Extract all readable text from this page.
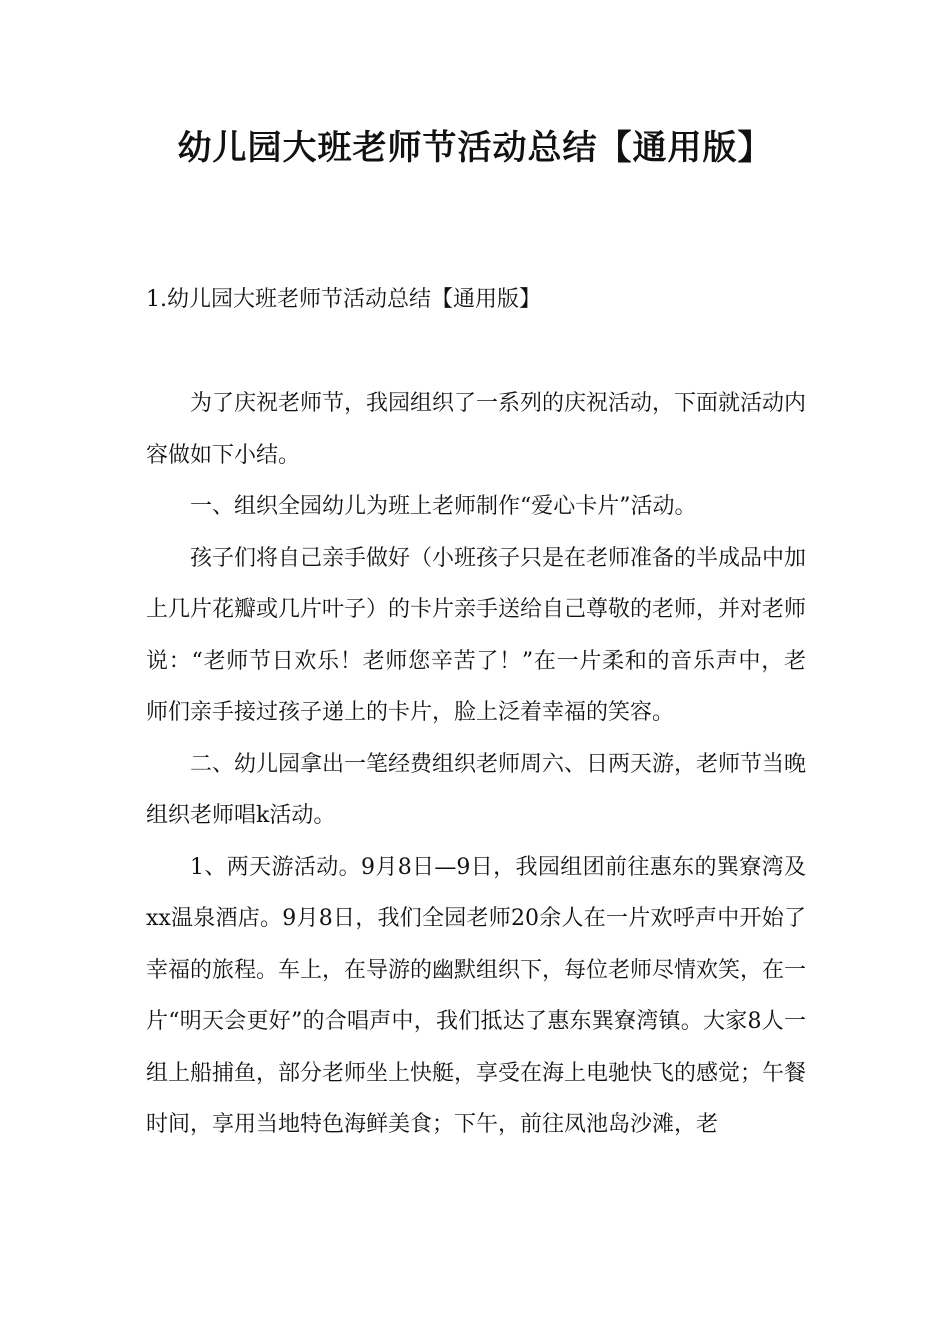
幼儿园大班老师节活动总结【通用版】
1.幼儿园大班老师节活动总结【通用版】

为了庆祝老师节，我园组织了一系列的庆祝活动，下面就活动内容做如下小结。

一、组织全园幼儿为班上老师制作“爱心卡片”活动。

孩子们将自己亲手做好（小班孩子只是在老师准备的半成品中加上几片花瓣或几片叶子）的卡片亲手送给自己尊敬的老师，并对老师说：“老师节日欢乐！老师您辛苦了！”在一片柔和的音乐声中，老师们亲手接过孩子递上的卡片，脸上泛着幸福的笑容。

二、幼儿园拿出一笔经费组织老师周六、日两天游，老师节当晚组织老师唱k活动。

1、两天游活动。9月8日—9日，我园组团前往惠东的巽寮湾及xx温泉酒店。9月8日，我们全园老师20余人在一片欢呼声中开始了幸福的旅程。车上，在导游的幽默组织下，每位老师尽情欢笑，在一片“明天会更好”的合唱声中，我们抵达了惠东巽寮湾镇。大家8人一组上船捕鱼，部分老师坐上快艇，享受在海上电驰快飞的感觉；午餐时间，享用当地特色海鲜美食；下午，前往凤池岛沙滩，老
